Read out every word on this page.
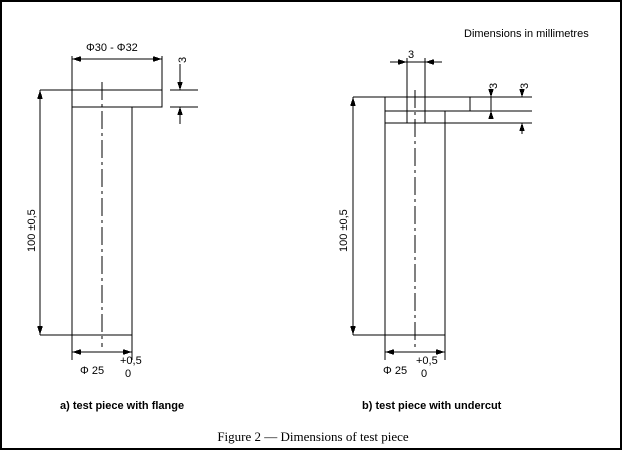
Dimensions in millimetres
Φ30 - Φ32

3

100 ±0,5

Φ 25
+0,5
0
a) test piece with flange
3

3

3

100 ±0,5

Φ 25
+0,5
0
b) test piece with undercut
Figure 2 — Dimensions of test piece
